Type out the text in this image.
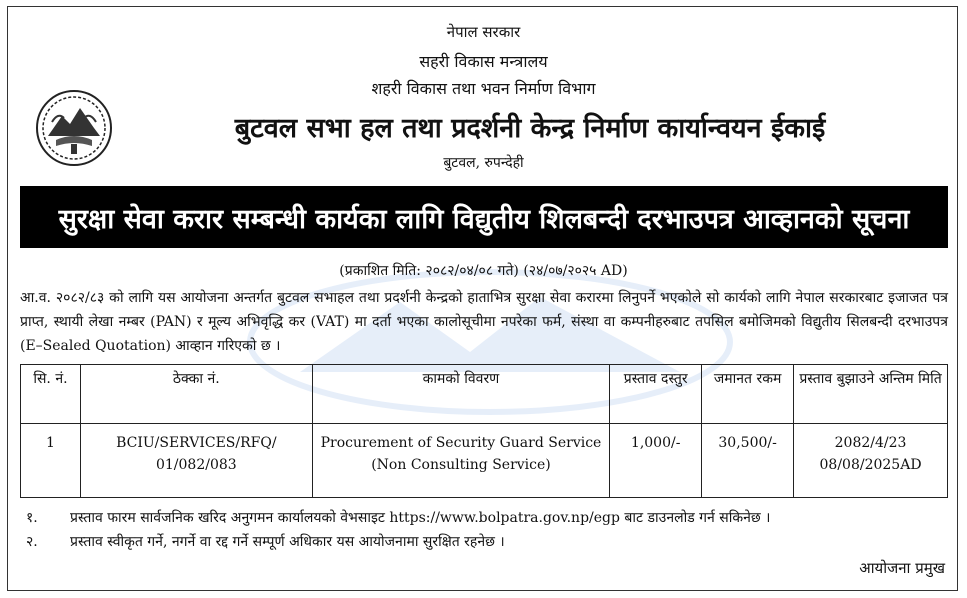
नेपाल सरकार
सहरी विकास मन्त्रालय
शहरी विकास तथा भवन निर्माण विभाग
बुटवल सभा हल तथा प्रदर्शनी केन्द्र निर्माण कार्यान्वयन ईकाई
बुटवल, रुपन्देही
सुरक्षा सेवा करार सम्बन्धी कार्यका लागि विद्युतीय शिलबन्दी दरभाउपत्र आव्हानको सूचना
(प्रकाशित मिति: २०८२/०४/०८ गते) (२४/०७/२०२५ AD)
आ.व. २०८२/८३ को लागि यस आयोजना अन्तर्गत बुटवल सभाहल तथा प्रदर्शनी केन्द्रको हाताभित्र सुरक्षा सेवा करारमा लिनुपर्ने भएकोले सो कार्यको लागि नेपाल सरकारबाट इजाजत पत्र प्राप्त, स्थायी लेखा नम्बर (PAN) र मूल्य अभिवृद्धि कर (VAT) मा दर्ता भएका कालोसूचीमा नपरेका फर्म, संस्था वा कम्पनीहरुबाट तपसिल बमोजिमको विद्युतीय सिलबन्दी दरभाउपत्र (E–Sealed Quotation) आव्हान गरिएको छ ।
सि. नं.	ठेक्का नं.	कामको विवरण	प्रस्ताव दस्तुर	जमानत रकम	प्रस्ताव बुझाउने अन्तिम मिति
1	BCIU/SERVICES/RFQ/ 01/082/083	Procurement of Security Guard Service (Non Consulting Service)	1,000/-	30,500/-	2082/4/23
08/08/2025AD
१.	प्रस्ताव फारम सार्वजनिक खरिद अनुगमन कार्यालयको वेभसाइट https://www.bolpatra.gov.np/egp बाट डाउनलोड गर्न सकिनेछ ।
२.	प्रस्ताव स्वीकृत गर्ने, नगर्ने वा रद्द गर्ने सम्पूर्ण अधिकार यस आयोजनामा सुरक्षित रहनेछ ।
आयोजना प्रमुख
